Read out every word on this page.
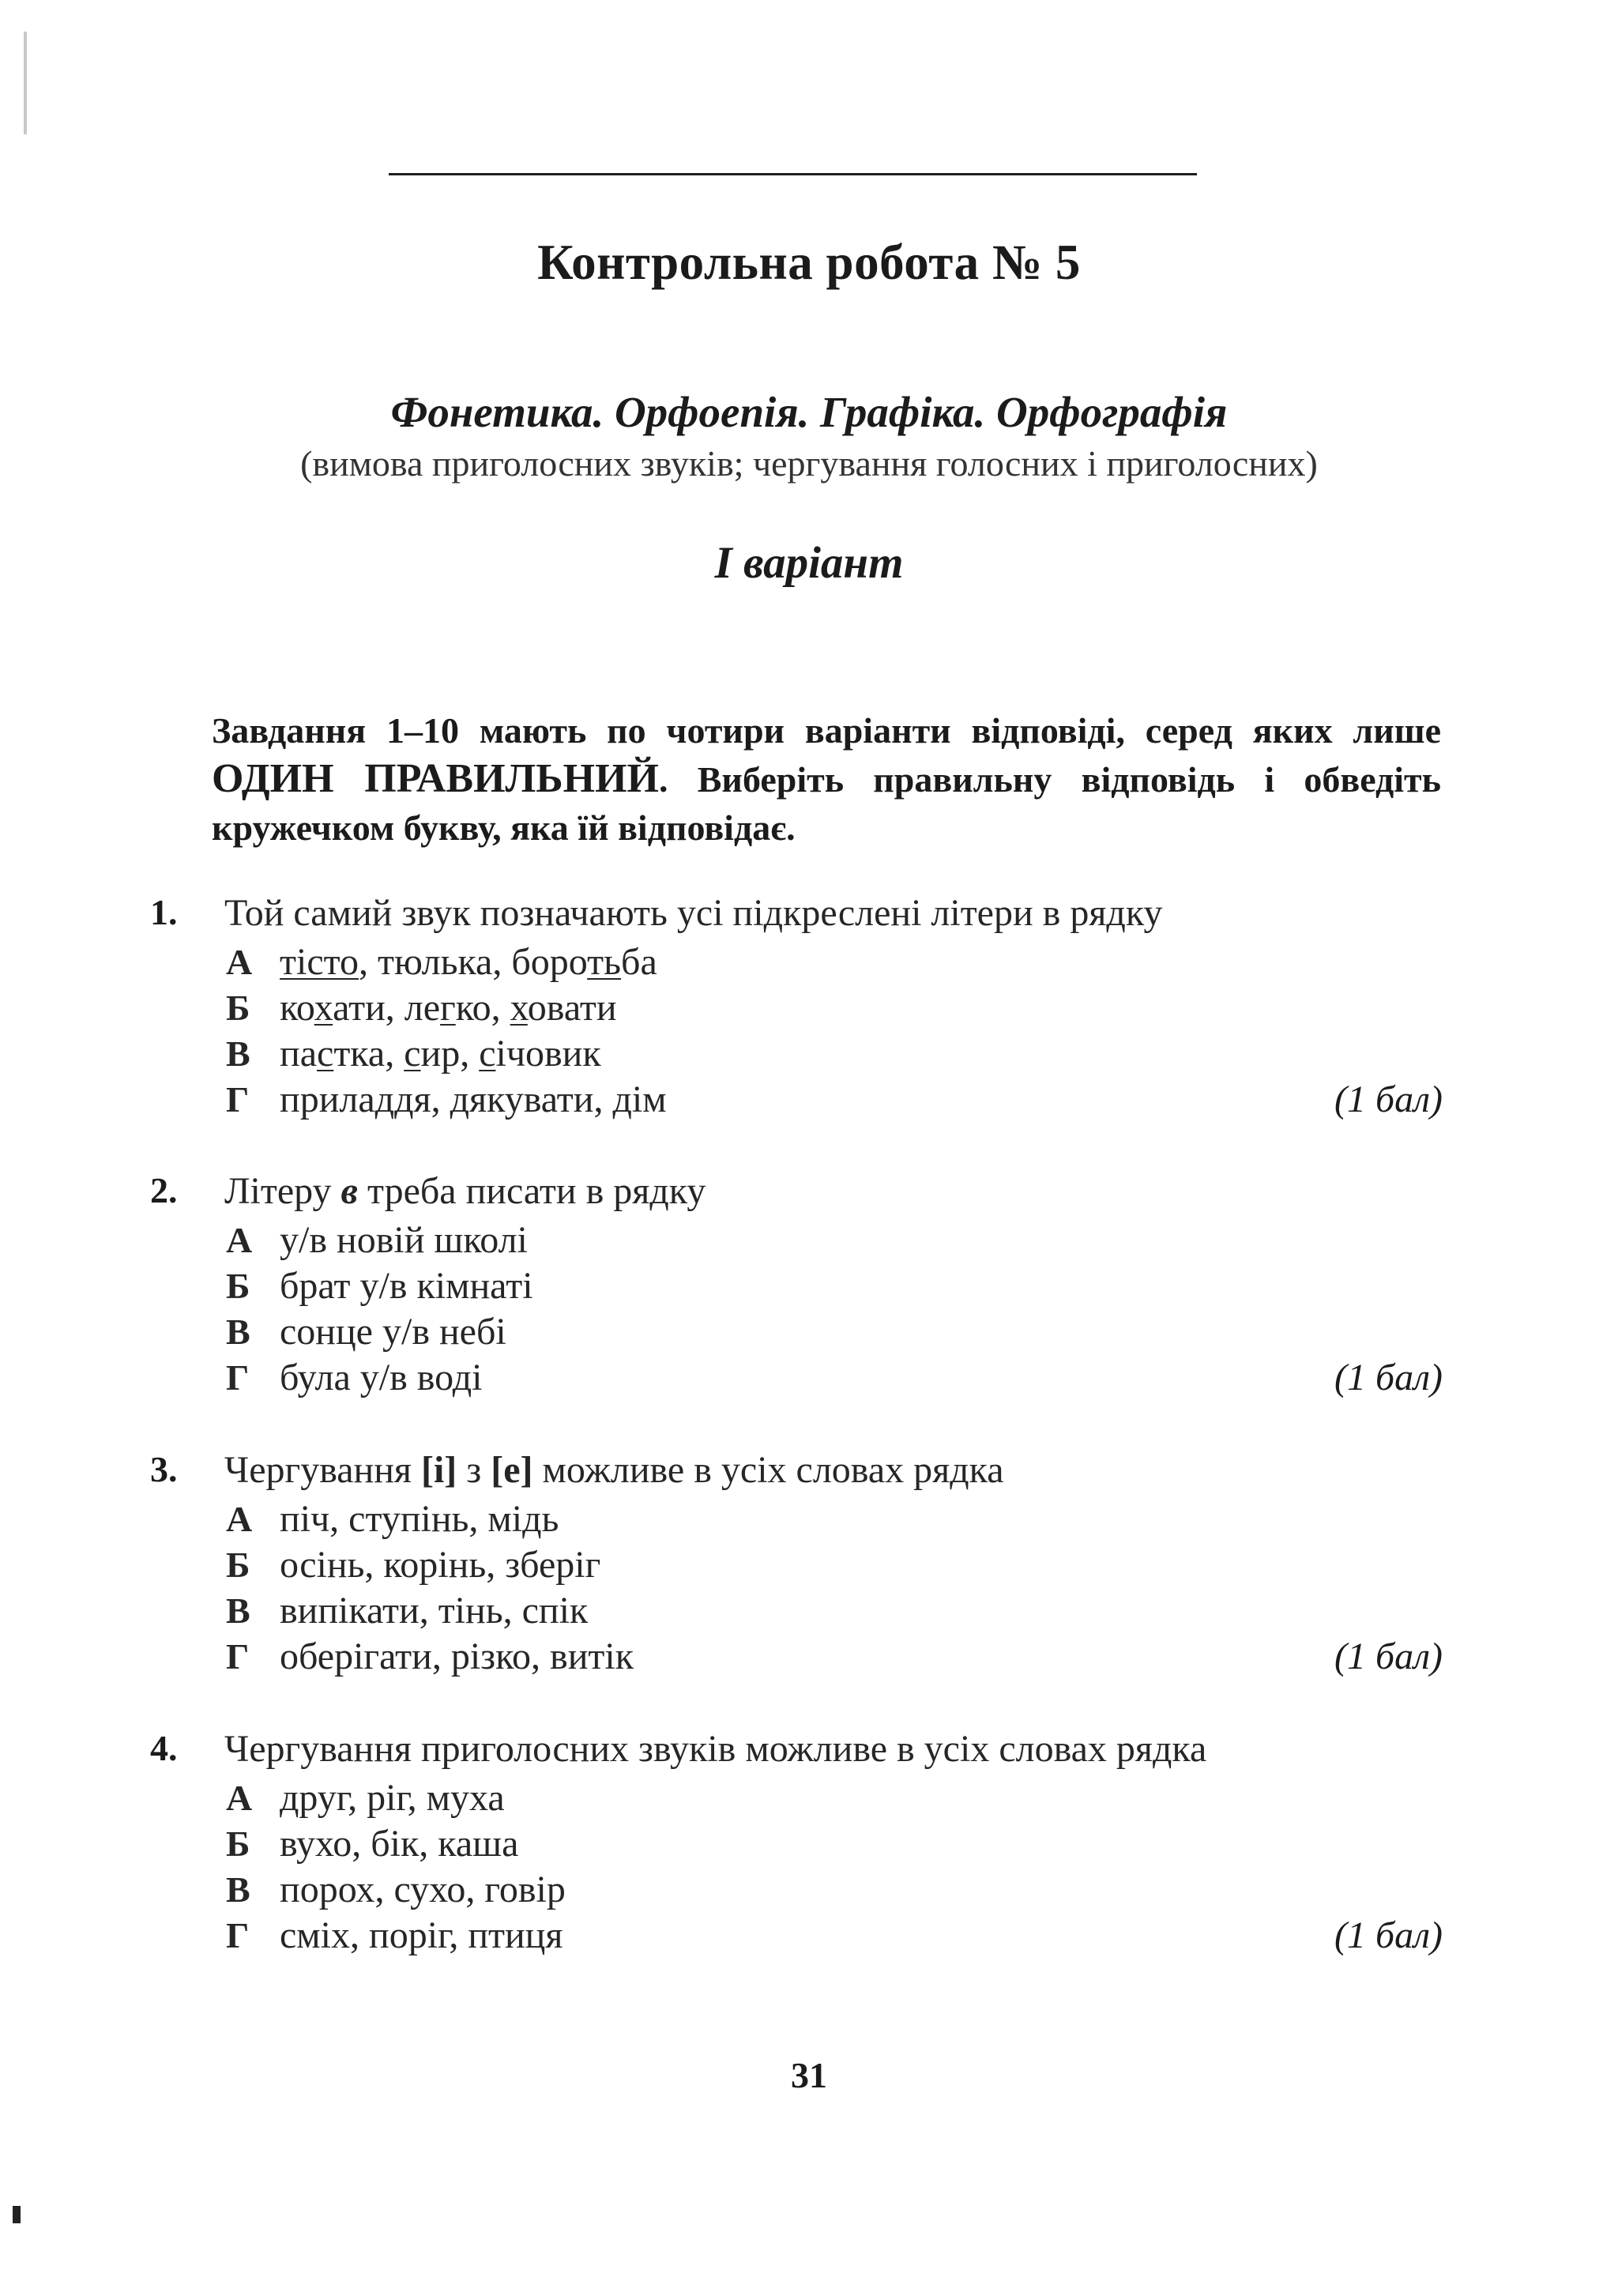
Контрольна робота № 5
Фонетика. Орфоепія. Графіка. Орфографія

(вимова приголосних звуків; чергування голосних і приголосних)

І варіант

Завдання 1–10 мають по чотири варіанти відповіді, серед яких лише ОДИН ПРАВИЛЬНИЙ. Виберіть правильну відповідь і обведіть кружечком букву, яка їй відповідає.

1.	Той самий звук позначають усі підкреслені літери в рядку
А тісто, тюлька, боротьба
Б кохати, легко, ховати
В пастка, сир, січовик
Г приладдя, дякувати, дім	(1 бал)
2.	Літеру в треба писати в рядку
А у/в новій школі
Б брат у/в кімнаті
В сонце у/в небі
Г була у/в воді	(1 бал)
3.	Чергування [і] з [е] можливе в усіх словах рядка
А піч, ступінь, мідь
Б осінь, корінь, зберіг
В випікати, тінь, спік
Г оберігати, різко, витік	(1 бал)
4.	Чергування приголосних звуків можливе в усіх словах рядка
А друг, ріг, муха
Б вухо, бік, каша
В порох, сухо, говір
Г сміх, поріг, птиця	(1 бал)
31
